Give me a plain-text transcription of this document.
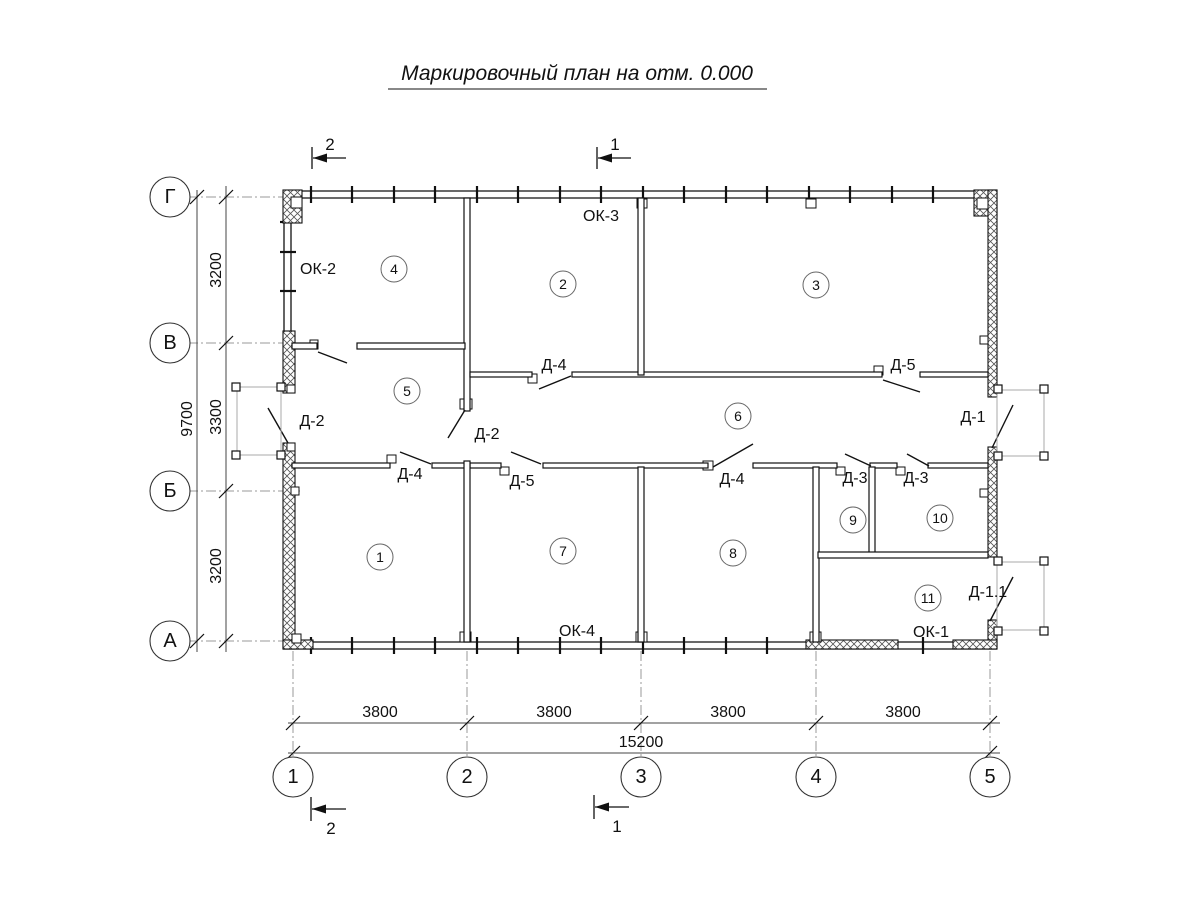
Маркировочный план на отм. 0.000
3200
3300
3200
9700
3800	3800	3800	3800
15200
Г
В
Б
А
1	2	3	4	5
1
2	3
4
5
6
7	8
9	10
11
ОК-2
ОК-3
ОК-4	ОК-1
Д-2
Д-2
Д-4	Д-5
Д-1
Д-4	Д-5	Д-4	Д-3 Д-3
Д-1.1
2	1
2	1
